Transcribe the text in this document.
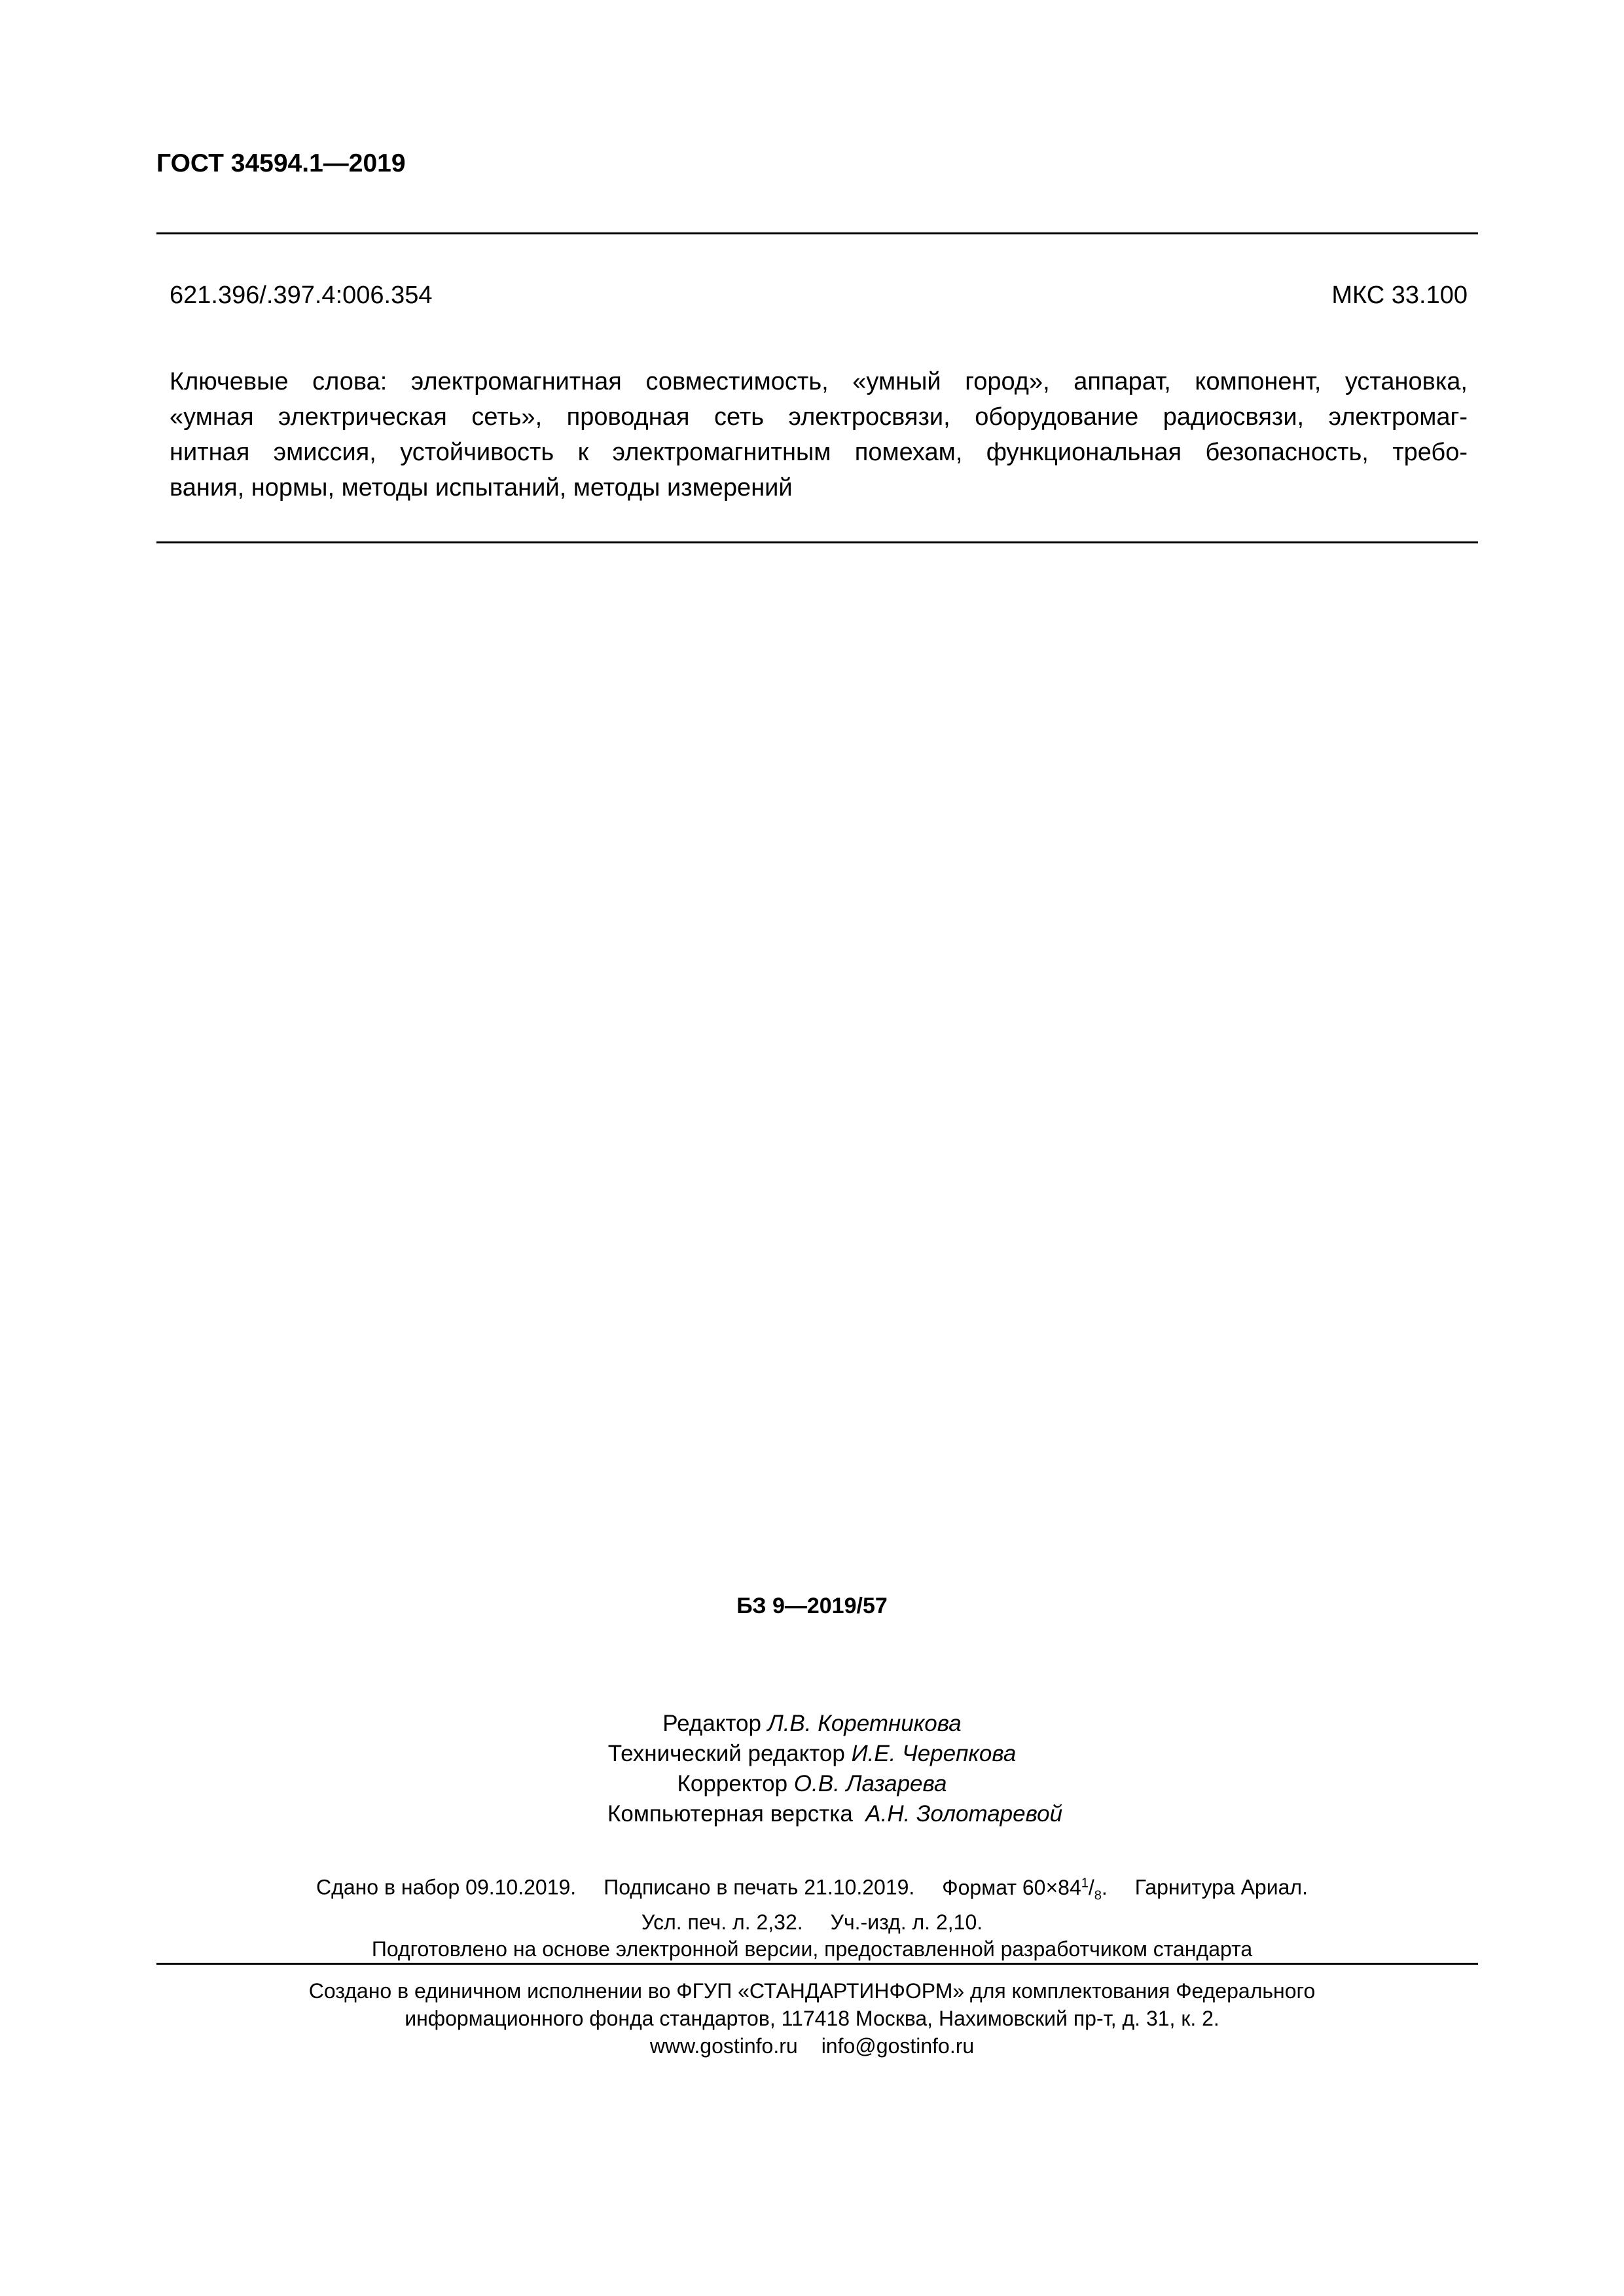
ГОСТ 34594.1—2019
621.396/.397.4:006.354	МКС 33.100
Ключевые слова: электромагнитная совместимость, «умный город», аппарат, компонент, установка,
«умная электрическая сеть», проводная сеть электросвязи, оборудование радиосвязи, электромаг-
нитная эмиссия, устойчивость к электромагнитным помехам, функциональная безопасность, требо-
вания, нормы, методы испытаний, методы измерений
БЗ 9—2019/57
Редактор Л.В. Коретникова
Технический редактор И.Е. Черепкова
Корректор О.В. Лазарева
Компьютерная верстка А.Н. Золотаревой
Сдано в набор 09.10.2019. Подписано в печать 21.10.2019. Формат $60\times 84^1/_8$. Гарнитура Ариал.
Усл. печ. л. 2,32. Уч.-изд. л. 2,10.
Подготовлено на основе электронной версии, предоставленной разработчиком стандарта
Создано в единичном исполнении во ФГУП «СТАНДАРТИНФОРМ» для комплектования Федерального
информационного фонда стандартов, 117418 Москва, Нахимовский пр-т, д. 31, к. 2.
www.gostinfo.ru info@gostinfo.ru
